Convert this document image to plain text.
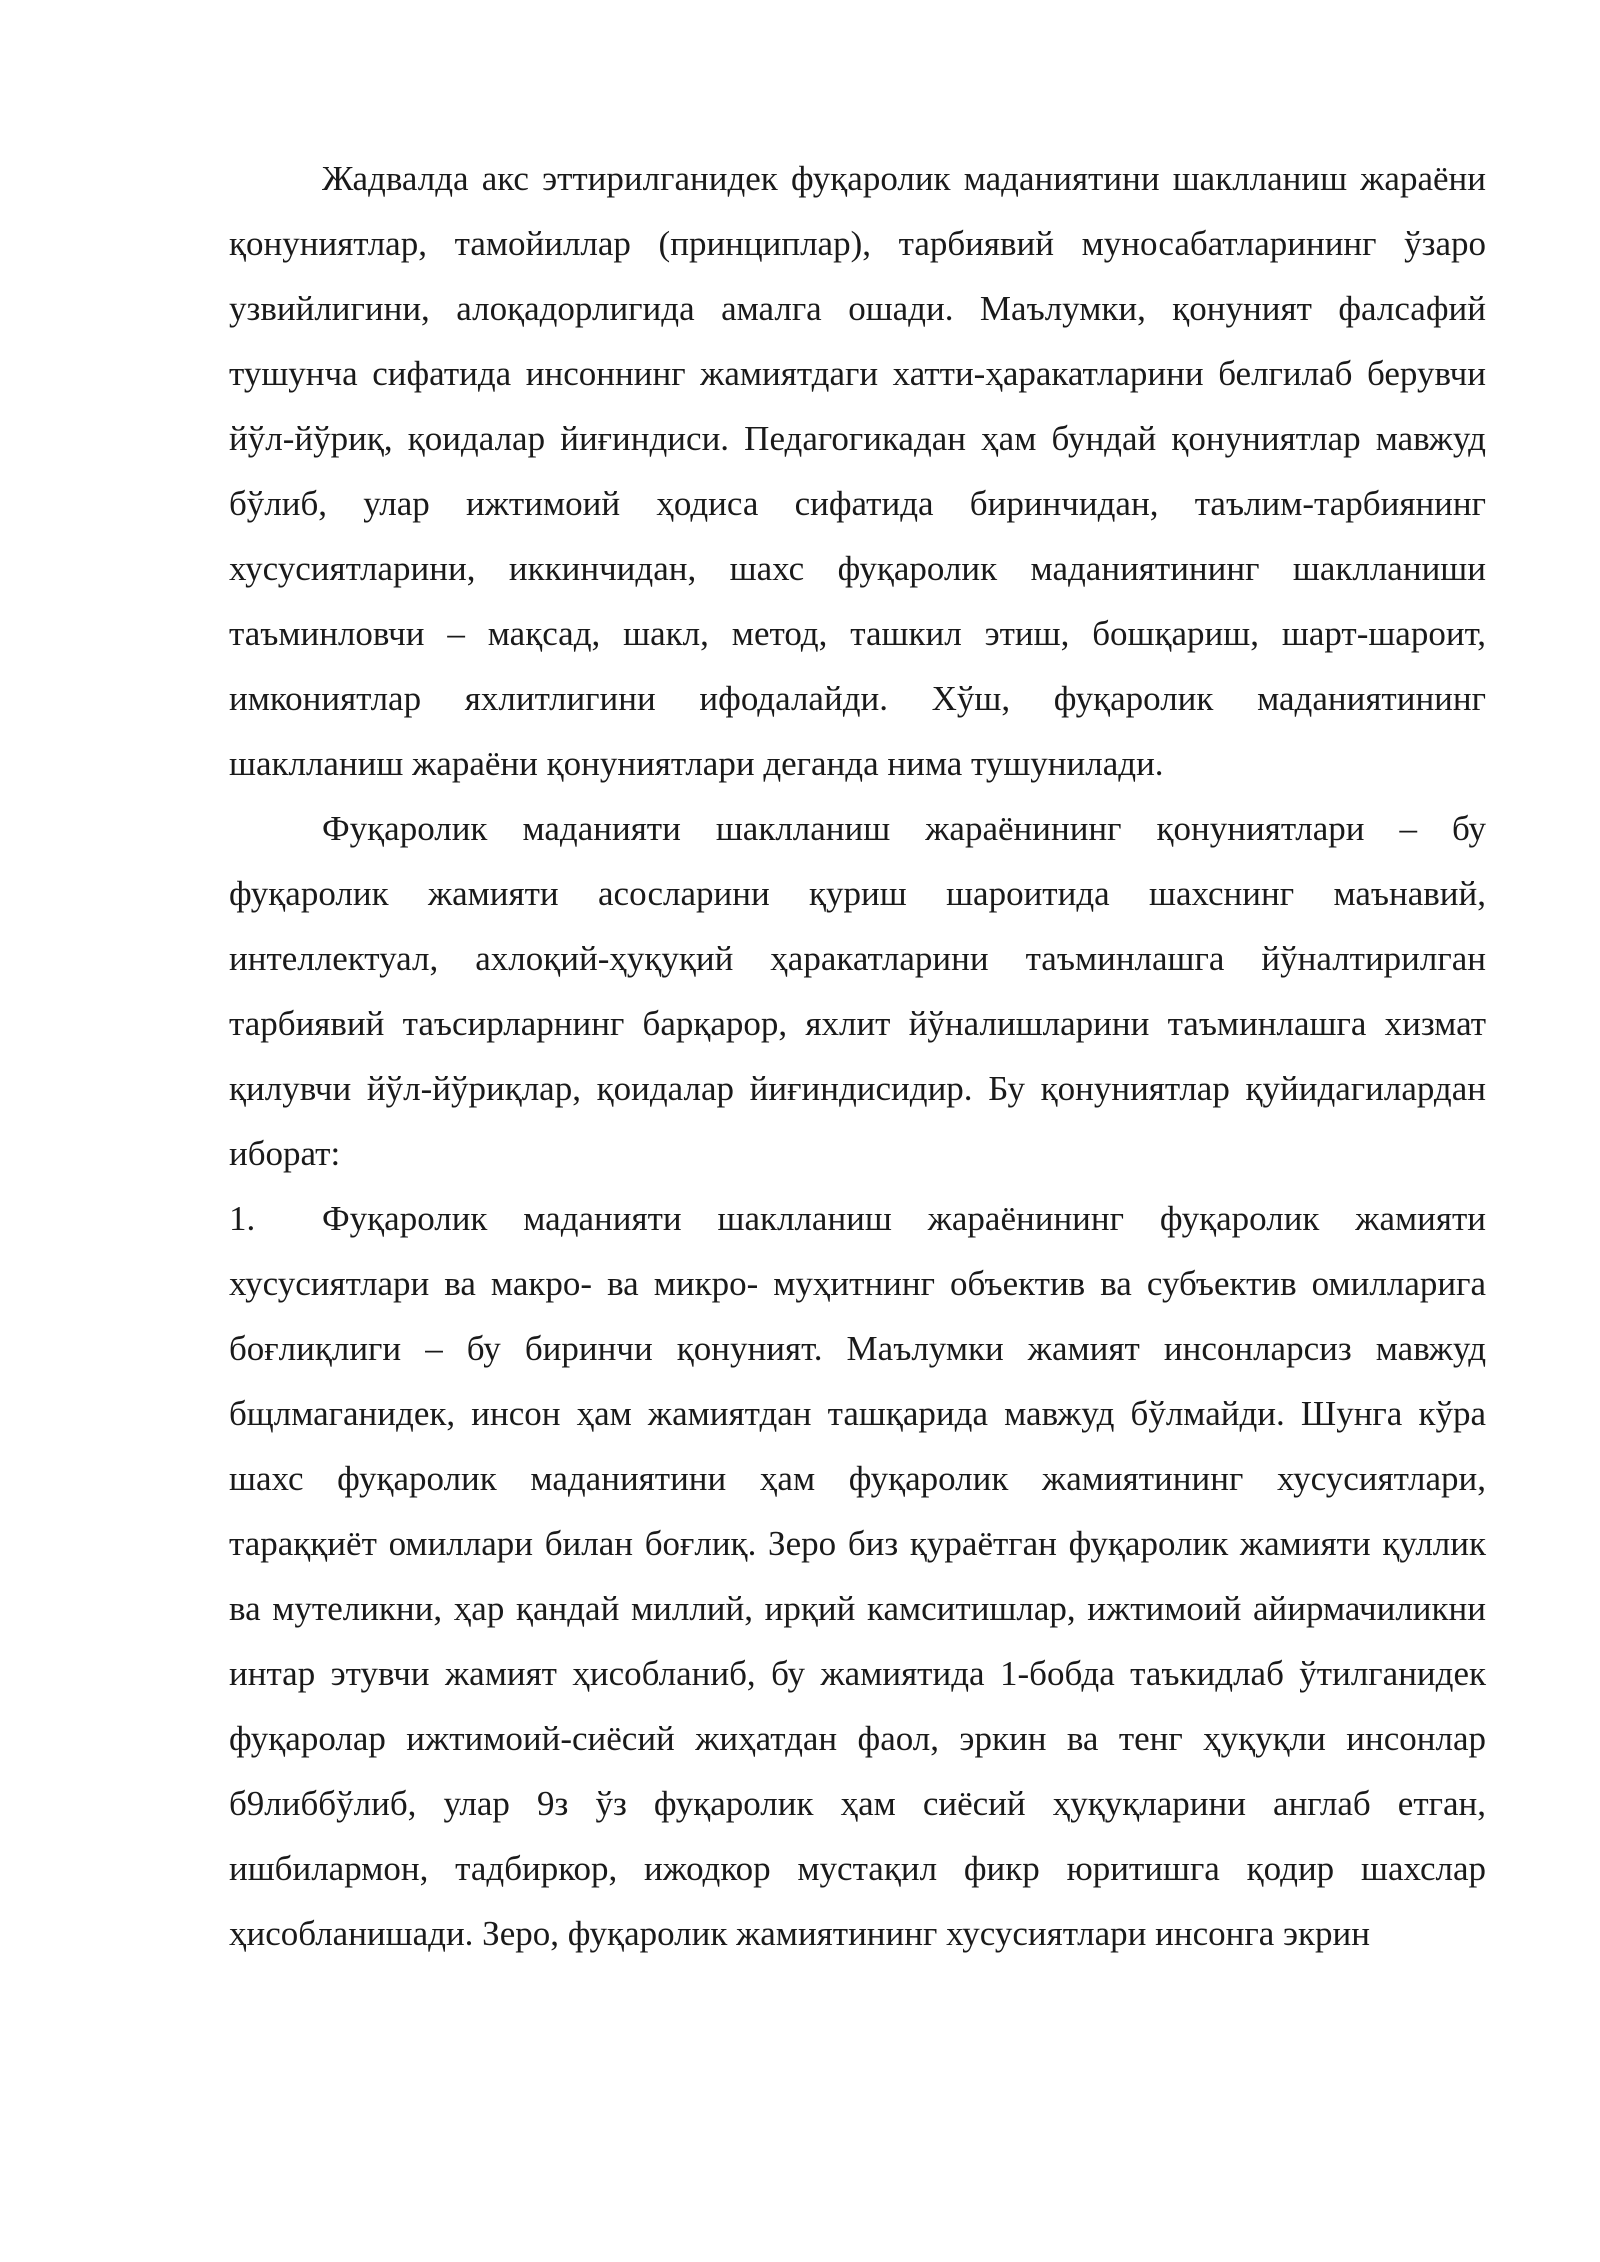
Жадвалда акс эттирилганидек фуқаролик маданиятини шаклланиш жараёни қонуниятлар, тамойиллар (принциплар), тарбиявий муносабатларининг ўзаро узвийлигини, алоқадорлигида амалга ошади. Маълумки, қонуният фалсафий тушунча сифатида инсоннинг жамиятдаги хатти-ҳаракатларини белгилаб берувчи йўл-йўриқ, қоидалар йиғиндиси. Педагогикадан ҳам бундай қонуниятлар мавжуд бўлиб, улар ижтимоий ҳодиса сифатида биринчидан, таълим-тарбиянинг хусусиятларини, иккинчидан, шахс фуқаролик маданиятининг шаклланиши таъминловчи – мақсад, шакл, метод, ташкил этиш, бошқариш, шарт-шароит, имкониятлар яхлитлигини ифодалайди. Хўш, фуқаролик маданиятининг шаклланиш жараёни қонуниятлари деганда нима тушунилади.

Фуқаролик маданияти шаклланиш жараёнининг қонуниятлари – бу фуқаролик жамияти асосларини қуриш шароитида шахснинг маънавий, интеллектуал, ахлоқий-ҳуқуқий ҳаракатларини таъминлашга йўналтирилган тарбиявий таъсирларнинг барқарор, яхлит йўналишларини таъминлашга хизмат қилувчи йўл-йўриқлар, қоидалар йиғиндисидир. Бу қонуниятлар қуйидагилардан иборат:

1. Фуқаролик маданияти шаклланиш жараёнининг фуқаролик жамияти хусусиятлари ва макро- ва микро- муҳитнинг объектив ва субъектив омилларига боғлиқлиги – бу биринчи қонуният. Маълумки жамият инсонларсиз мавжуд бщлмаганидек, инсон ҳам жамиятдан ташқарида мавжуд бўлмайди. Шунга кўра шахс фуқаролик маданиятини ҳам фуқаролик жамиятининг хусусиятлари, тараққиёт омиллари билан боғлиқ. Зеро биз қураётган фуқаролик жамияти қуллик ва мутеликни, ҳар қандай миллий, ирқий камситишлар, ижтимоий айирмачиликни интар этувчи жамият ҳисобланиб, бу жамиятида 1-бобда таъкидлаб ўтилганидек фуқаролар ижтимоий-сиёсий жиҳатдан фаол, эркин ва тенг ҳуқуқли инсонлар б9либбўлиб, улар 9з ўз фуқаролик ҳам сиёсий ҳуқуқларини англаб етган, ишбилармон, тадбиркор, ижодкор мустақил фикр юритишга қодир шахслар ҳисобланишади. Зеро, фуқаролик жамиятининг хусусиятлари инсонга экрин
